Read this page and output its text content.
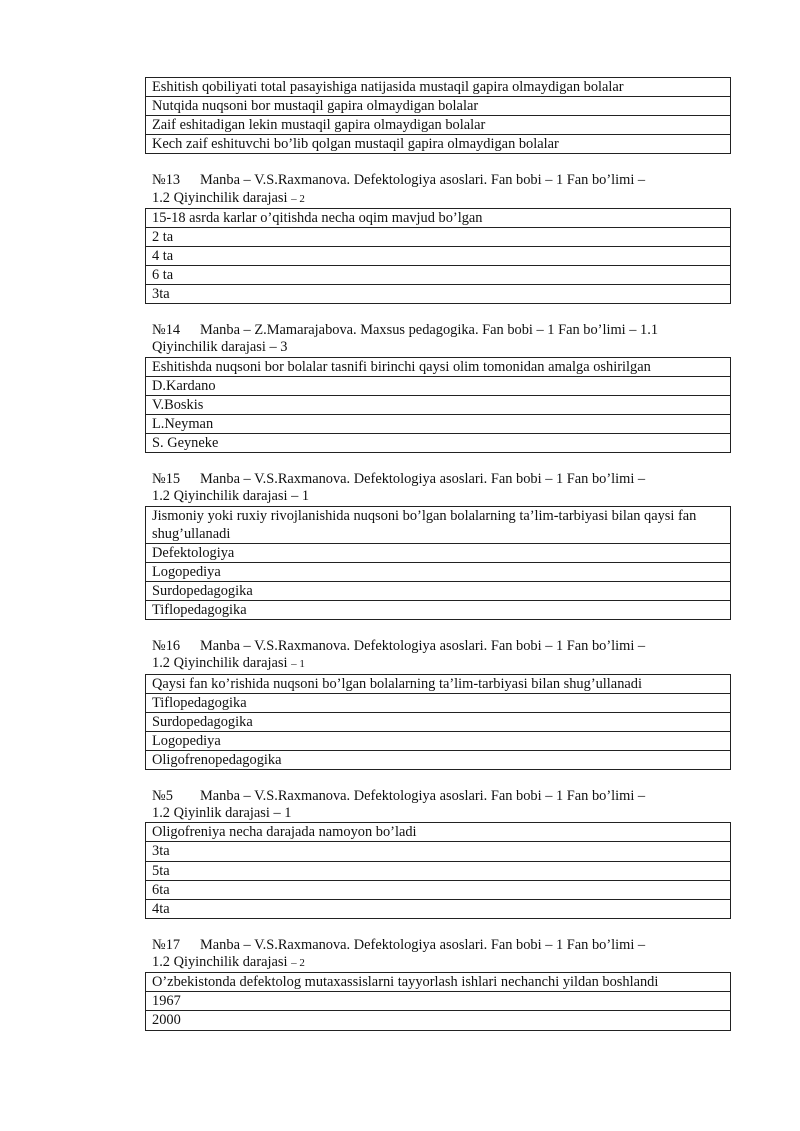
Eshitish qobiliyati total pasayishiga natijasida mustaqil gapira olmaydigan bolalar
Nutqida nuqsoni bor mustaqil gapira olmaydigan bolalar
Zaif eshitadigan lekin mustaqil gapira olmaydigan bolalar
Kech zaif eshituvchi bo’lib qolgan mustaqil gapira olmaydigan bolalar
№13 Manba – V.S.Raxmanova. Defektologiya asoslari. Fan bobi – 1 Fan bo’limi –
1.2 Qiyinchilik darajasi – 2
15-18 asrda karlar o’qitishda necha oqim mavjud bo’lgan
2 ta
4 ta
6 ta
3ta
№14 Manba – Z.Mamarajabova. Maxsus pedagogika. Fan bobi – 1 Fan bo’limi – 1.1
Qiyinchilik darajasi – 3
Eshitishda nuqsoni bor bolalar tasnifi birinchi qaysi olim tomonidan amalga oshirilgan
D.Kardano
V.Boskis
L.Neyman
S. Geyneke
№15 Manba – V.S.Raxmanova. Defektologiya asoslari. Fan bobi – 1 Fan bo’limi –
1.2 Qiyinchilik darajasi – 1
Jismoniy yoki ruxiy rivojlanishida nuqsoni bo’lgan bolalarning ta’lim-tarbiyasi bilan qaysi fan shug’ullanadi
Defektologiya
Logopediya
Surdopedagogika
Tiflopedagogika
№16 Manba – V.S.Raxmanova. Defektologiya asoslari. Fan bobi – 1 Fan bo’limi –
1.2 Qiyinchilik darajasi – 1
Qaysi fan ko’rishida nuqsoni bo’lgan bolalarning ta’lim-tarbiyasi bilan shug’ullanadi
Tiflopedagogika
Surdopedagogika
Logopediya
Oligofrenopedagogika
№5 Manba – V.S.Raxmanova. Defektologiya asoslari. Fan bobi – 1 Fan bo’limi –
1.2 Qiyinlik darajasi – 1
Oligofreniya necha darajada namoyon bo’ladi
3ta
5ta
6ta
4ta
№17 Manba – V.S.Raxmanova. Defektologiya asoslari. Fan bobi – 1 Fan bo’limi –
1.2 Qiyinchilik darajasi – 2
O’zbekistonda defektolog mutaxassislarni tayyorlash ishlari nechanchi yildan boshlandi
1967
2000
